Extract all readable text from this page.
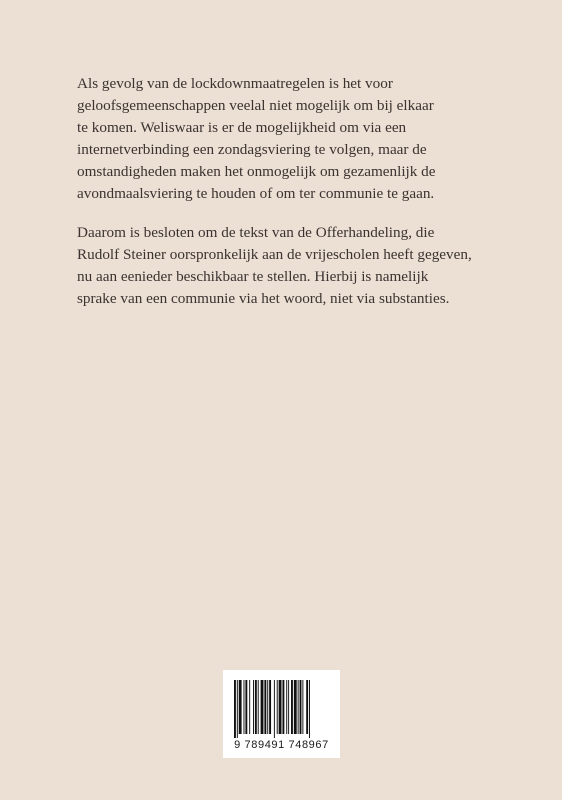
Als gevolg van de lockdownmaatregelen is het voor
geloofsgemeenschappen veelal niet mogelijk om bij elkaar
te komen. Weliswaar is er de mogelijkheid om via een
internetverbinding een zondagsviering te volgen, maar de
omstandigheden maken het onmogelijk om gezamenlijk de
avondmaalsviering te houden of om ter communie te gaan.

Daarom is besloten om de tekst van de Offerhandeling, die
Rudolf Steiner oorspronkelijk aan de vrijescholen heeft gegeven,
nu aan eenieder beschikbaar te stellen. Hierbij is namelijk
sprake van een communie via het woord, niet via substanties.

9 789491 748967
